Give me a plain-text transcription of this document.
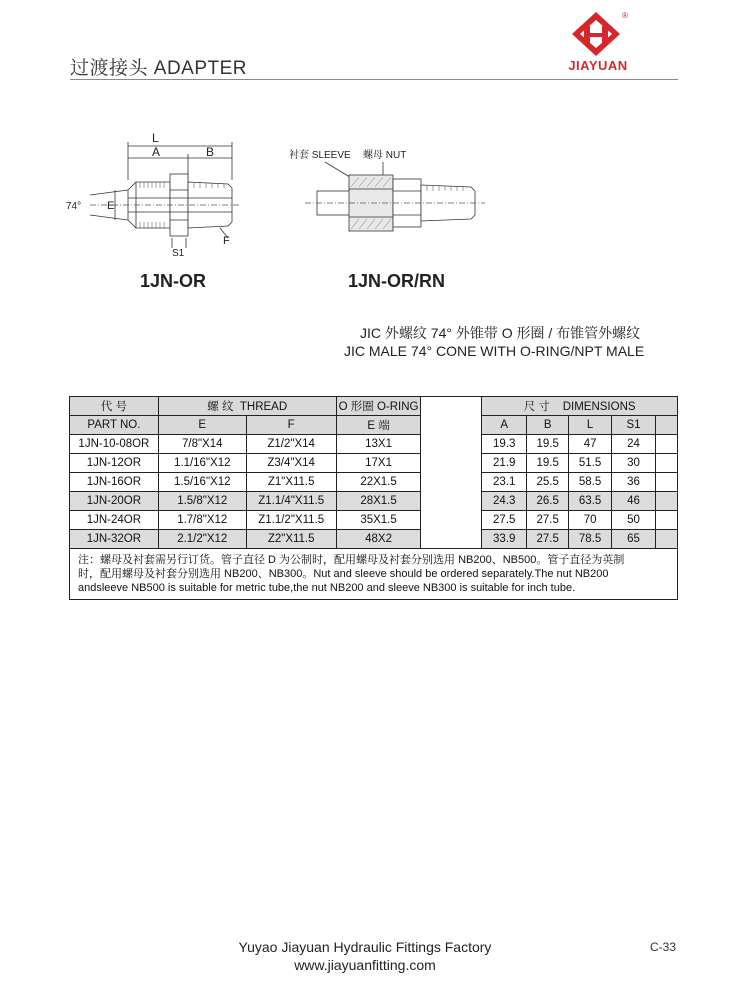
过渡接头 ADAPTER
®
JIAYUAN
L
A	B
E
F
S1
74°
衬套 SLEEVE 螺母 NUT
1JN-OR	1JN-OR/RN
JIC 外螺纹 74° 外锥带 O 形圈 / 布锥管外螺纹
JIC MALE 74° CONE WITH O-RING/NPT MALE
代 号	螺 纹 THREAD		O 形圈 O-RING		尺 寸 DIMENSIONS				
PART NO.	E	F	E 端		A	B	L	S1	
1JN-10-08OR	7/8"X14	Z1/2"X14	13X1		19.3	19.5	47	24	
1JN-12OR	1.1/16"X12	Z3/4"X14	17X1		21.9	19.5	51.5	30	
1JN-16OR	1.5/16"X12	Z1"X11.5	22X1.5		23.1	25.5	58.5	36	
1JN-20OR	1.5/8"X12	Z1.1/4"X11.5	28X1.5		24.3	26.5	63.5	46	
1JN-24OR	1.7/8"X12	Z1.1/2"X11.5	35X1.5		27.5	27.5	70	50	
1JN-32OR	2.1/2"X12	Z2"X11.5	48X2		33.9	27.5	78.5	65	

注：螺母及衬套需另行订货。管子直径 D 为公制时，配用螺母及衬套分别选用 NB200、NB500。管子直径为英制
时，配用螺母及衬套分别选用 NB200、NB300。Nut and sleeve should be ordered separately.The nut NB200
andsleeve NB500 is suitable for metric tube,the nut NB200 and sleeve NB300 is suitable for inch tube.									
Yuyao Jiayuan Hydraulic Fittings Factory
www.jiayuanfitting.com
C-33
